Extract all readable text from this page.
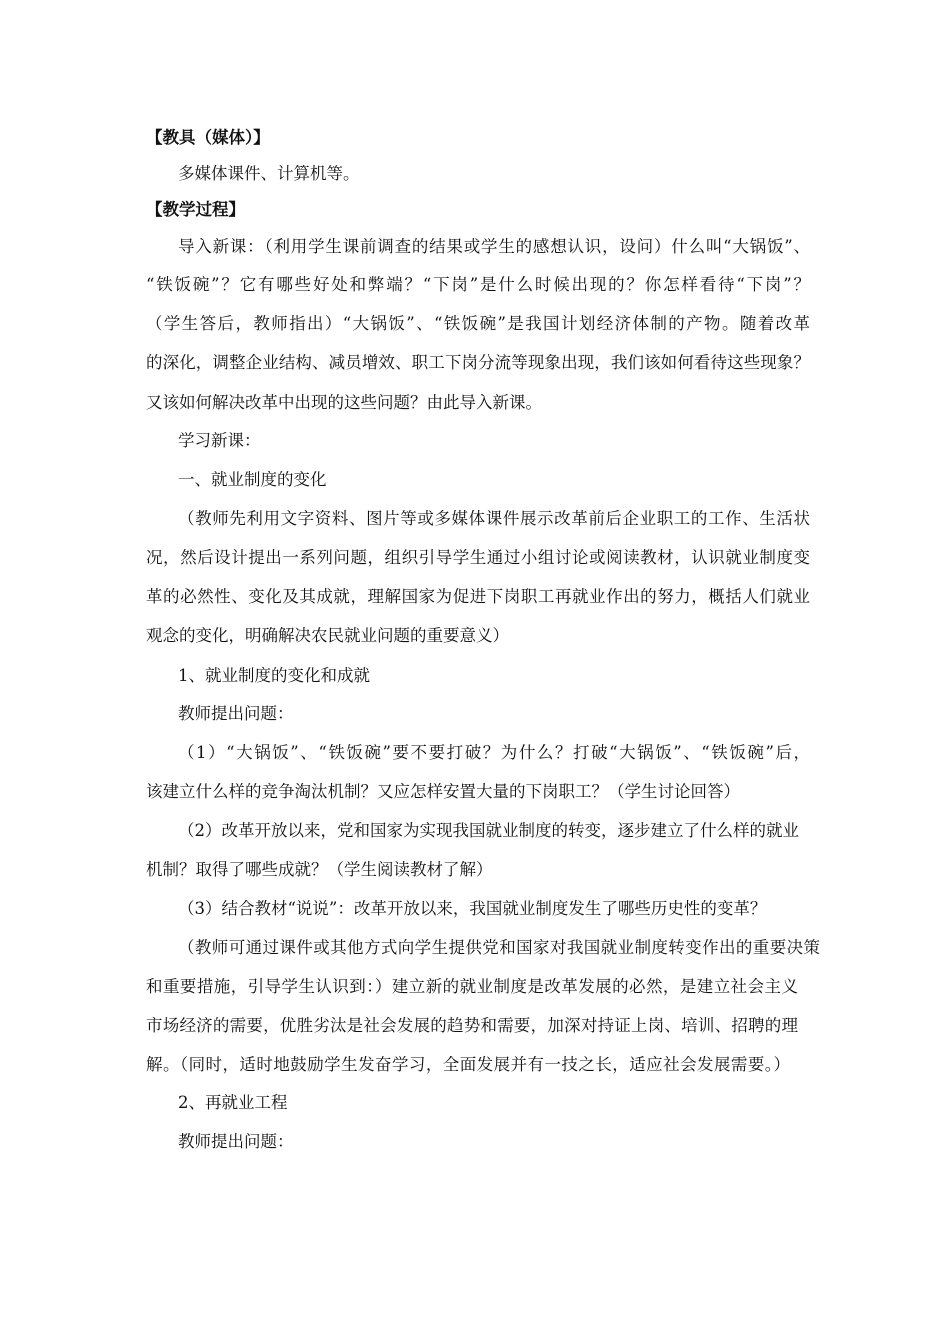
【教具（媒体）】
多媒体课件、计算机等。
【教学过程】
导入新课：（利用学生课前调查的结果或学生的感想认识，设问）什么叫“大锅饭”、
“铁饭碗”？它有哪些好处和弊端？“下岗”是什么时候出现的？你怎样看待“下岗”？
（学生答后，教师指出）“大锅饭”、“铁饭碗”是我国计划经济体制的产物。随着改革
的深化，调整企业结构、减员增效、职工下岗分流等现象出现，我们该如何看待这些现象？
又该如何解决改革中出现的这些问题？由此导入新课。
学习新课：
一、就业制度的变化
（教师先利用文字资料、图片等或多媒体课件展示改革前后企业职工的工作、生活状
况，然后设计提出一系列问题，组织引导学生通过小组讨论或阅读教材，认识就业制度变
革的必然性、变化及其成就，理解国家为促进下岗职工再就业作出的努力，概括人们就业
观念的变化，明确解决农民就业问题的重要意义）
1、就业制度的变化和成就
教师提出问题：
（1）“大锅饭”、“铁饭碗”要不要打破？为什么？打破“大锅饭”、“铁饭碗”后，
该建立什么样的竞争淘汰机制？又应怎样安置大量的下岗职工？（学生讨论回答）
（2）改革开放以来，党和国家为实现我国就业制度的转变，逐步建立了什么样的就业
机制？取得了哪些成就？（学生阅读教材了解）
（3）结合教材“说说”：改革开放以来，我国就业制度发生了哪些历史性的变革？
（教师可通过课件或其他方式向学生提供党和国家对我国就业制度转变作出的重要决策
和重要措施，引导学生认识到：）建立新的就业制度是改革发展的必然，是建立社会主义
市场经济的需要，优胜劣汰是社会发展的趋势和需要，加深对持证上岗、培训、招聘的理
解。（同时，适时地鼓励学生发奋学习，全面发展并有一技之长，适应社会发展需要。）
2、再就业工程
教师提出问题：
